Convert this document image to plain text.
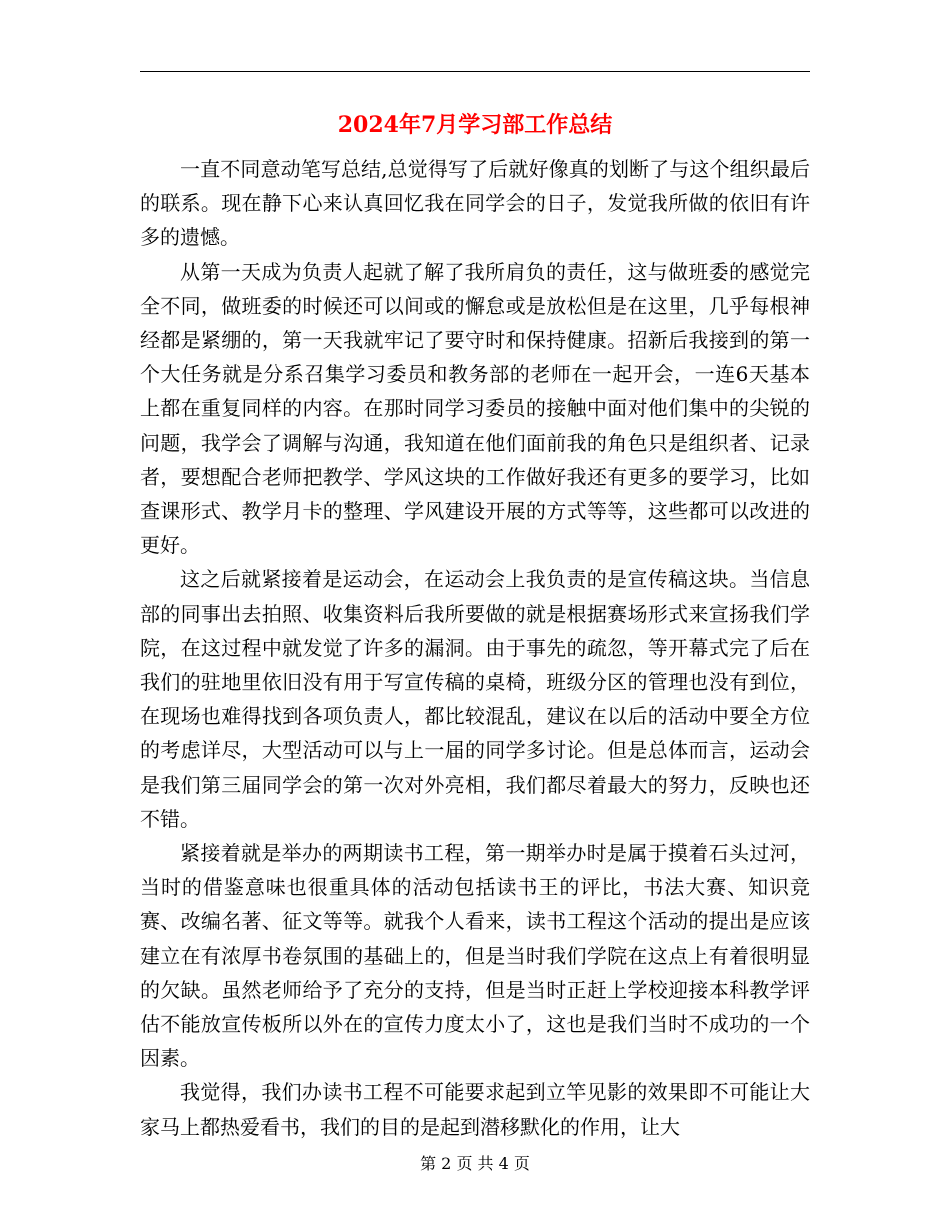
2024年7月学习部工作总结

一直不同意动笔写总结,总觉得写了后就好像真的划断了与这个组织最后的联系。现在静下心来认真回忆我在同学会的日子，发觉我所做的依旧有许多的遗憾。

从第一天成为负责人起就了解了我所肩负的责任，这与做班委的感觉完全不同，做班委的时候还可以间或的懈怠或是放松但是在这里，几乎每根神经都是紧绷的，第一天我就牢记了要守时和保持健康。招新后我接到的第一个大任务就是分系召集学习委员和教务部的老师在一起开会，一连6天基本上都在重复同样的内容。在那时同学习委员的接触中面对他们集中的尖锐的问题，我学会了调解与沟通，我知道在他们面前我的角色只是组织者、记录者，要想配合老师把教学、学风这块的工作做好我还有更多的要学习，比如查课形式、教学月卡的整理、学风建设开展的方式等等，这些都可以改进的更好。

这之后就紧接着是运动会，在运动会上我负责的是宣传稿这块。当信息部的同事出去拍照、收集资料后我所要做的就是根据赛场形式来宣扬我们学院，在这过程中就发觉了许多的漏洞。由于事先的疏忽，等开幕式完了后在我们的驻地里依旧没有用于写宣传稿的桌椅，班级分区的管理也没有到位，在现场也难得找到各项负责人，都比较混乱，建议在以后的活动中要全方位的考虑详尽，大型活动可以与上一届的同学多讨论。但是总体而言，运动会是我们第三届同学会的第一次对外亮相，我们都尽着最大的努力，反映也还不错。

紧接着就是举办的两期读书工程，第一期举办时是属于摸着石头过河，当时的借鉴意味也很重具体的活动包括读书王的评比，书法大赛、知识竞赛、改编名著、征文等等。就我个人看来，读书工程这个活动的提出是应该建立在有浓厚书卷氛围的基础上的，但是当时我们学院在这点上有着很明显的欠缺。虽然老师给予了充分的支持，但是当时正赶上学校迎接本科教学评估不能放宣传板所以外在的宣传力度太小了，这也是我们当时不成功的一个因素。

我觉得，我们办读书工程不可能要求起到立竿见影的效果即不可能让大家马上都热爱看书，我们的目的是起到潜移默化的作用，让大

第 2 页 共 4 页
